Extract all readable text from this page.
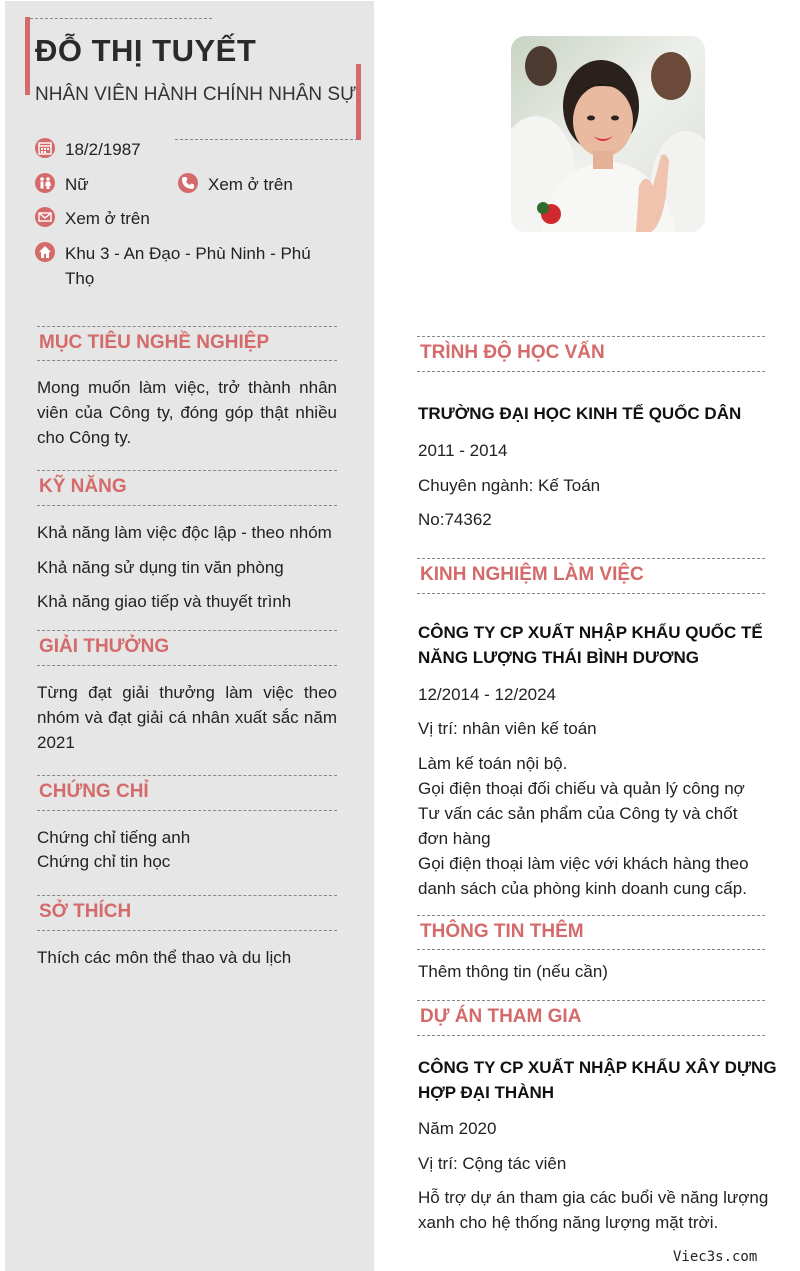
ĐỖ THỊ TUYẾT
NHÂN VIÊN HÀNH CHÍNH NHÂN SỰ
18/2/1987
Nữ	Xem ở trên
Xem ở trên
Khu 3 - An Đạo - Phù Ninh - Phú
Thọ
MỤC TIÊU NGHỀ NGHIỆP
Mong muốn làm việc, trở thành nhân
viên của Công ty, đóng góp thật nhiều
cho Công ty.
KỸ NĂNG
Khả năng làm việc độc lập - theo nhóm
Khả năng sử dụng tin văn phòng
Khả năng giao tiếp và thuyết trình
GIẢI THƯỞNG
Từng đạt giải thưởng làm việc theo
nhóm và đạt giải cá nhân xuất sắc năm
2021
CHỨNG CHỈ
Chứng chỉ tiếng anh
Chứng chỉ tin học
SỞ THÍCH
Thích các môn thể thao và du lịch
TRÌNH ĐỘ HỌC VẤN
TRƯỜNG ĐẠI HỌC KINH TẾ QUỐC DÂN
2011 - 2014
Chuyên ngành: Kế Toán
No:74362
KINH NGHIỆM LÀM VIỆC
CÔNG TY CP XUẤT NHẬP KHẨU QUỐC TẾ
NĂNG LƯỢNG THÁI BÌNH DƯƠNG
12/2014 - 12/2024
Vị trí: nhân viên kế toán
Làm kế toán nội bộ.
Gọi điện thoại đối chiếu và quản lý công nợ
Tư vấn các sản phẩm của Công ty và chốt
đơn hàng
Gọi điện thoại làm việc với khách hàng theo
danh sách của phòng kinh doanh cung cấp.
THÔNG TIN THÊM
Thêm thông tin (nếu cần)
DỰ ÁN THAM GIA
CÔNG TY CP XUẤT NHẬP KHẨU XÂY DỰNG
HỢP ĐẠI THÀNH
Năm 2020
Vị trí: Cộng tác viên
Hỗ trợ dự án tham gia các buổi về năng lượng
xanh cho hệ thống năng lượng mặt trời.
Viec3s.com
